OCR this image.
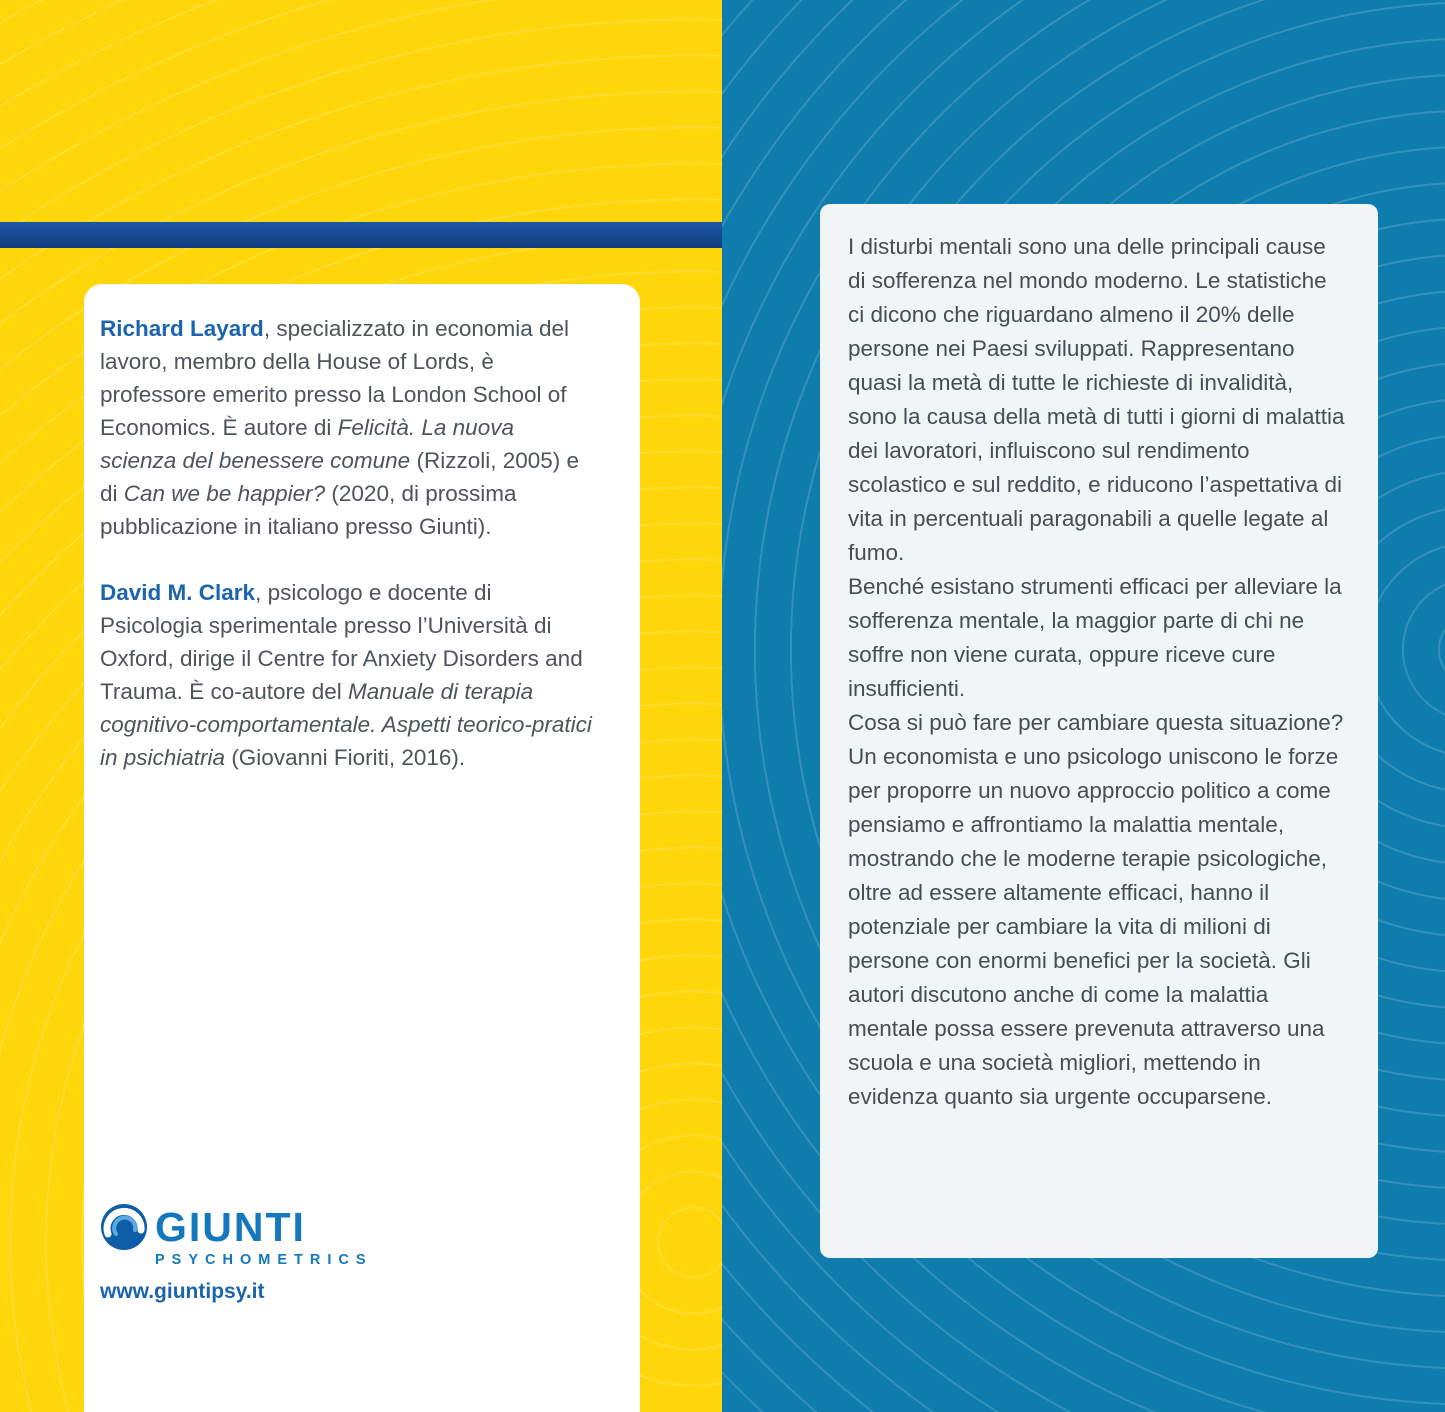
Richard Layard, specializzato in economia del lavoro, membro della House of Lords, è professore emerito presso la London School of Economics. È autore di Felicità. La nuova scienza del benessere comune (Rizzoli, 2005) e di Can we be happier? (2020, di prossima pubblicazione in italiano presso Giunti).

David M. Clark, psicologo e docente di Psicologia sperimentale presso l’Università di Oxford, dirige il Centre for Anxiety Disorders and Trauma. È co-autore del Manuale di terapia cognitivo-comportamentale. Aspetti teorico-pratici in psichiatria (Giovanni Fioriti, 2016).

GIUNTI
PSYCHOMETRICS
www.giuntipsy.it

I disturbi mentali sono una delle principali cause di sofferenza nel mondo moderno. Le statistiche ci dicono che riguardano almeno il 20% delle persone nei Paesi sviluppati. Rappresentano quasi la metà di tutte le richieste di invalidità, sono la causa della metà di tutti i giorni di malattia dei lavoratori, influiscono sul rendimento scolastico e sul reddito, e riducono l’aspettativa di vita in percentuali paragonabili a quelle legate al fumo.

Benché esistano strumenti efficaci per alleviare la sofferenza mentale, la maggior parte di chi ne soffre non viene curata, oppure riceve cure insufficienti.

Cosa si può fare per cambiare questa situazione?

Un economista e uno psicologo uniscono le forze per proporre un nuovo approccio politico a come pensiamo e affrontiamo la malattia mentale, mostrando che le moderne terapie psicologiche, oltre ad essere altamente efficaci, hanno il potenziale per cambiare la vita di milioni di persone con enormi benefici per la società. Gli autori discutono anche di come la malattia mentale possa essere prevenuta attraverso una scuola e una società migliori, mettendo in evidenza quanto sia urgente occuparsene.
